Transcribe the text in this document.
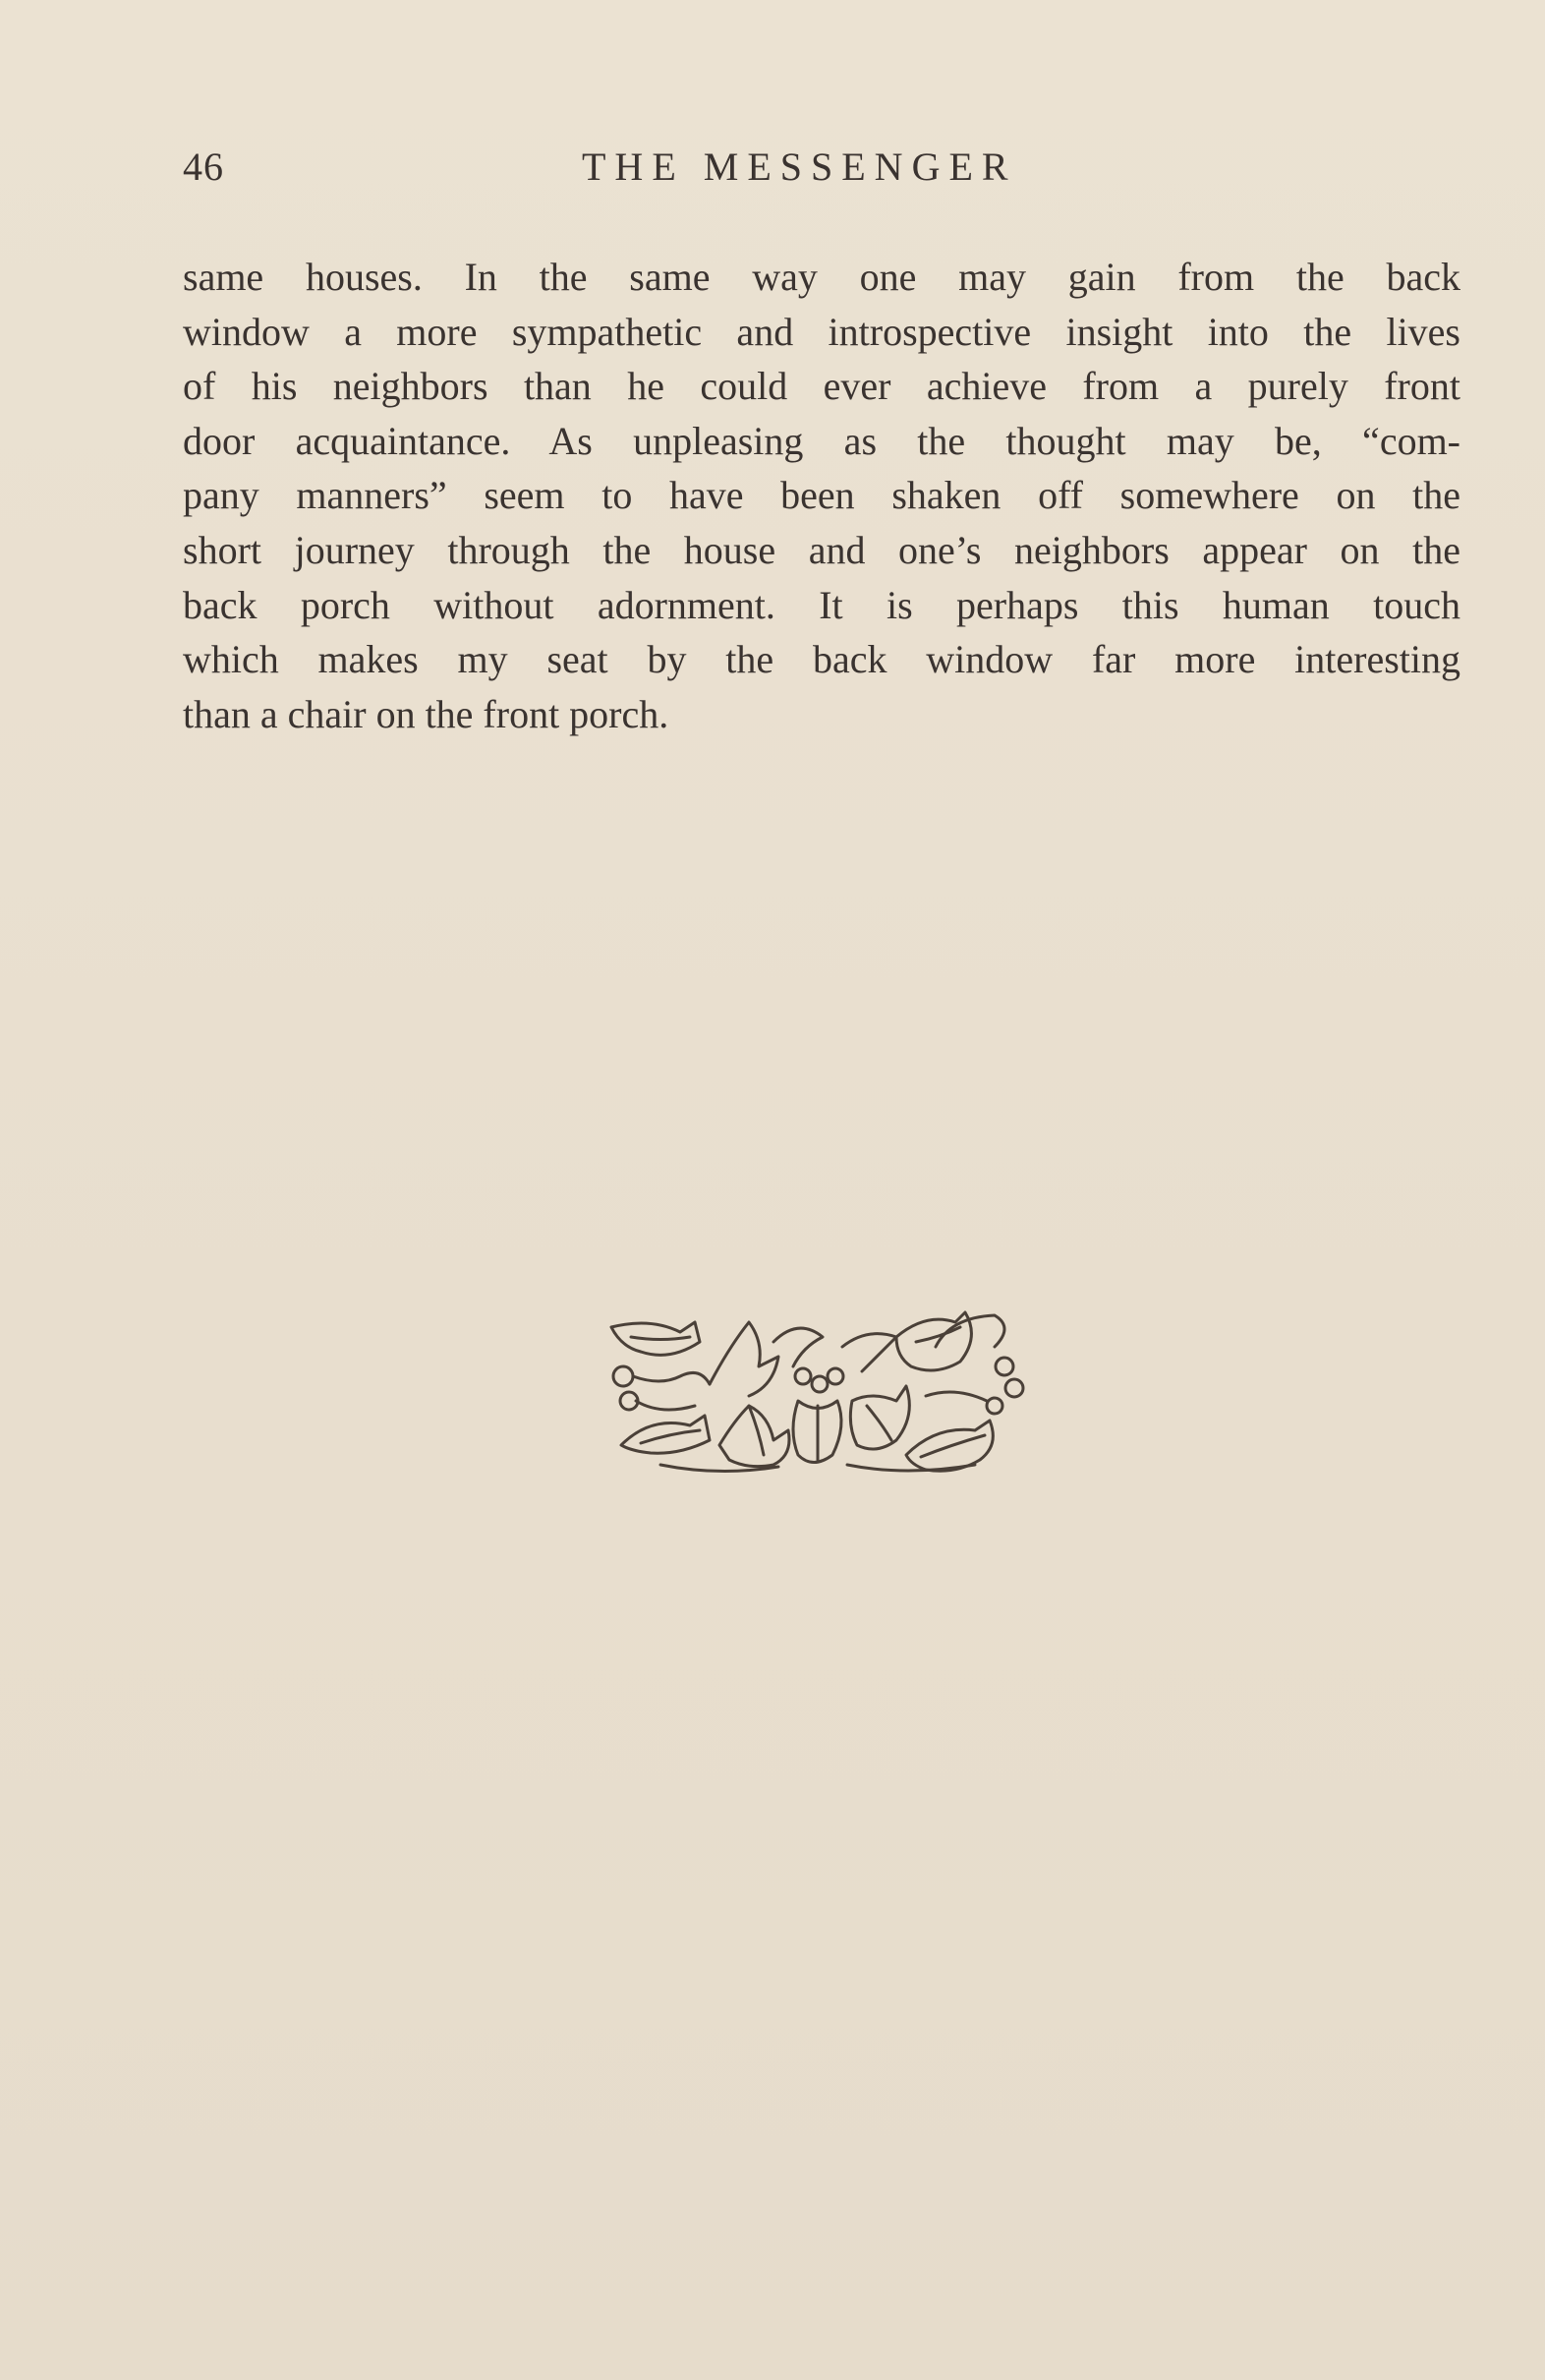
46	THE MESSENGER
same houses. In the same way one may gain from the back
window a more sympathetic and introspective insight into the lives
of his neighbors than he could ever achieve from a purely front
door acquaintance. As unpleasing as the thought may be, “com-
pany manners” seem to have been shaken off somewhere on the
short journey through the house and one’s neighbors appear on the
back porch without adornment. It is perhaps this human touch
which makes my seat by the back window far more interesting
than a chair on the front porch.
